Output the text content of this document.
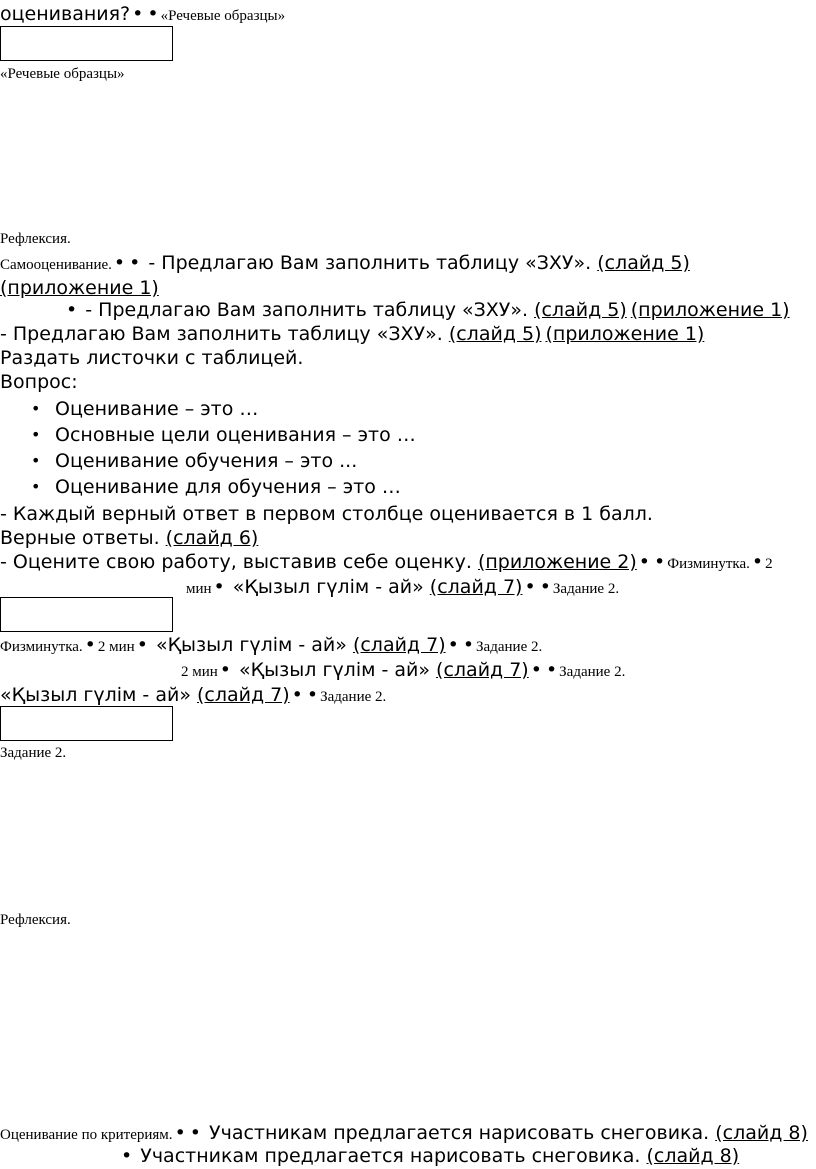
оценивания? • • «Речевые образцы»
«Речевые образцы»
Рефлексия.
Самооценивание. • • - Предлагаю Вам заполнить таблицу «ЗХУ». (слайд 5)
(приложение 1)
• - Предлагаю Вам заполнить таблицу «ЗХУ». (слайд 5) (приложение 1)
- Предлагаю Вам заполнить таблицу «ЗХУ». (слайд 5) (приложение 1)
Раздать листочки с таблицей.
Вопрос:
• Оценивание – это …
• Основные цели оценивания – это …
• Оценивание обучения – это ...
• Оценивание для обучения – это …
- Каждый верный ответ в первом столбце оценивается в 1 балл.
Верные ответы. (слайд 6)
- Оцените свою работу, выставив себе оценку. (приложение 2) • • Физминутка. • 2
мин • «Қызыл гүлім - ай» (слайд 7) • • Задание 2.
Физминутка. • 2 мин • «Қызыл гүлім - ай» (слайд 7) • • Задание 2.
2 мин • «Қызыл гүлім - ай» (слайд 7) • • Задание 2.
«Қызыл гүлім - ай» (слайд 7) • • Задание 2.
Задание 2.
Рефлексия.
Оценивание по критериям. • • Участникам предлагается нарисовать снеговика. (слайд 8)
• Участникам предлагается нарисовать снеговика. (слайд 8)
